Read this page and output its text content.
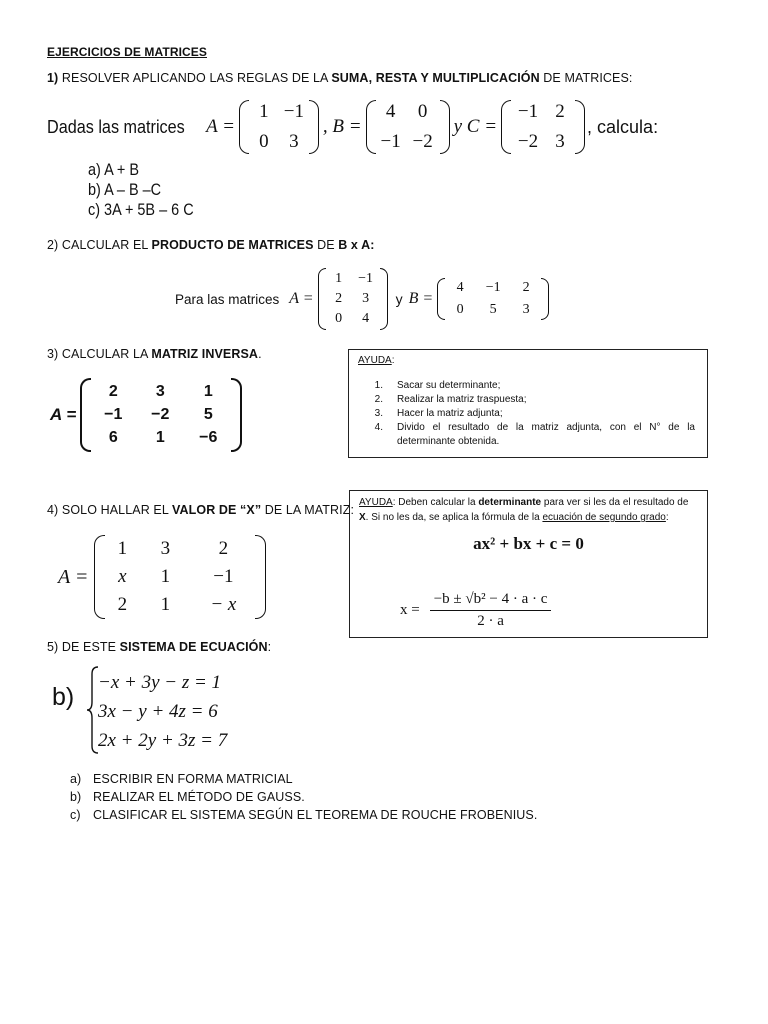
EJERCICIOS DE MATRICES
1) RESOLVER APLICANDO LAS REGLAS DE LA SUMA, RESTA Y MULTIPLICACIÓN DE MATRICES:
Dadas las matrices A =
1 −1
0	3
, B =
4	0
−1 −2
y C =
−1 2
−2 3
, calcula:
a) A + B
b) A – B –C
c) 3A + 5B – 6 C
2) CALCULAR EL PRODUCTO DE MATRICES DE B x A:
Para las matrices A =
1	−1
2	3
0	4
y B =
4	−1	2
0	5	3
3) CALCULAR LA MATRIZ INVERSA.
A =
2	3	1
−1	−2	5
6	1	−6
AYUDA:
1. Sacar su determinante;
2. Realizar la matriz traspuesta;
3. Hacer la matriz adjunta;
4. Divido el resultado de la matriz adjunta, con el N° de la determinante obtenida.
4) SOLO HALLAR EL VALOR DE “X” DE LA MATRIZ:
A =
1	3	2
x	1	−1
2	1	− x
AYUDA: Deben calcular la determinante para ver si les da el resultado de X. Si no les da, se aplica la fórmula de la ecuación de segundo grado:
ax² + bx + c = 0
$x = \frac{\text{−b ± √b² − 4 · a · c}}{2 \cdot a}$
5) DE ESTE SISTEMA DE ECUACIÓN:
b)
−x + 3y − z = 1
3x − y + 4z = 6
2x + 2y + 3z = 7
a) ESCRIBIR EN FORMA MATRICIAL
b) REALIZAR EL MÉTODO DE GAUSS.
c) CLASIFICAR EL SISTEMA SEGÚN EL TEOREMA DE ROUCHE FROBENIUS.
